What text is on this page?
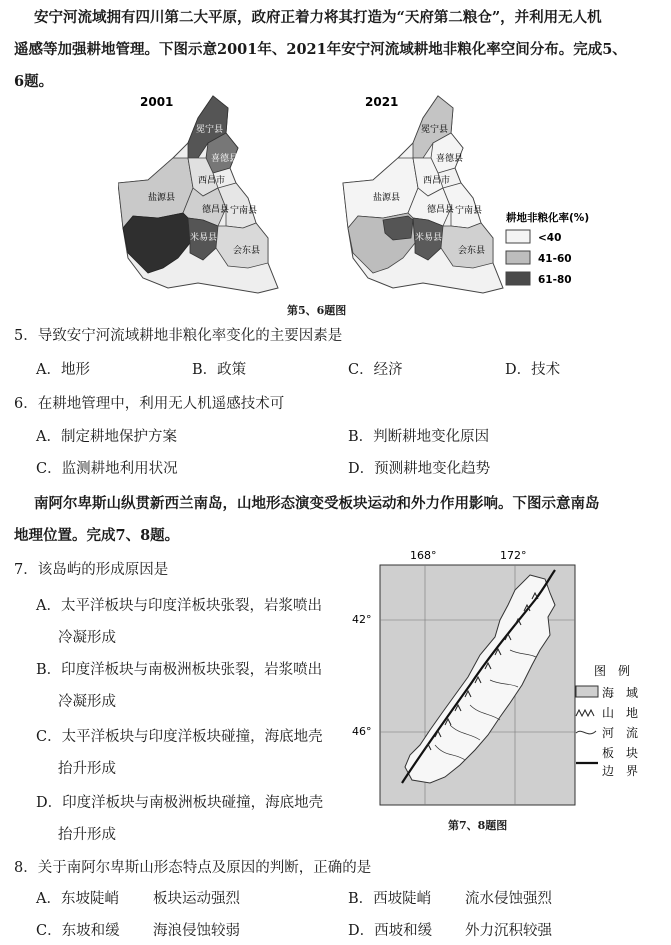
安宁河流域拥有四川第二大平原，政府正着力将其打造为“天府第二粮仓”，并利用无人机
遥感等加强耕地管理。下图示意2001年、2021年安宁河流域耕地非粮化率空间分布。完成5、
6题。
2001
冕宁县
喜德县
西昌市
盐源县
德昌县 宁南县
米易县
会东县
2021
冕宁县
喜德县
西昌市
盐源县
德昌县 宁南县
米易县
会东县
耕地非粮化率(%)
<40
41-60
61-80
第5、6题图
5．导致安宁河流域耕地非粮化率变化的主要因素是
A．地形	B．政策	C．经济	D．技术
6．在耕地管理中，利用无人机遥感技术可
A．制定耕地保护方案	B．判断耕地变化原因
C．监测耕地利用状况	D．预测耕地变化趋势
南阿尔卑斯山纵贯新西兰南岛，山地形态演变受板块运动和外力作用影响。下图示意南岛
地理位置。完成7、8题。
7．该岛屿的形成原因是
A．太平洋板块与印度洋板块张裂，岩浆喷出
冷凝形成
B．印度洋板块与南极洲板块张裂，岩浆喷出
冷凝形成
C．太平洋板块与印度洋板块碰撞，海底地壳
抬升形成
D．印度洋板块与南极洲板块碰撞，海底地壳
抬升形成
168°	172°
42°
46°
图　例
海　域
山　地
河　流
板　块
边　界
第7、8题图
8．关于南阿尔卑斯山形态特点及原因的判断，正确的是
A．东坡陡峭 板块运动强烈	B．西坡陡峭 流水侵蚀强烈
C．东坡和缓 海浪侵蚀较弱	D．西坡和缓 外力沉积较强
